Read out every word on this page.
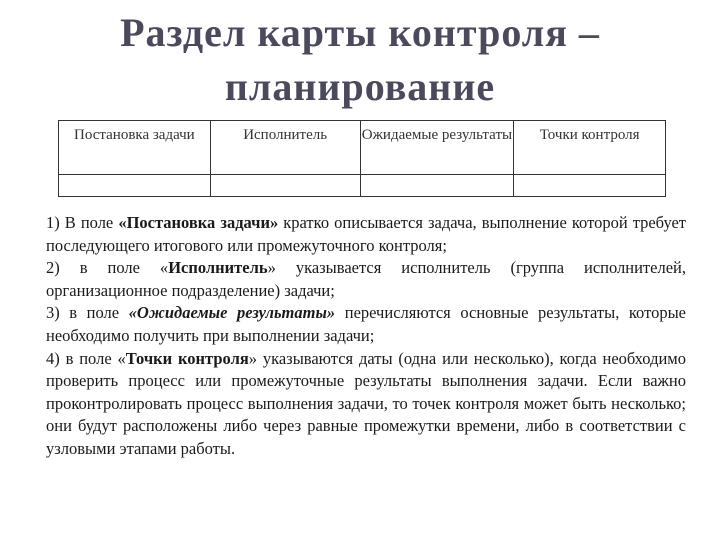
Раздел карты контроля – планирование
Постановка задачи	Исполнитель	Ожидаемые результаты	Точки контроля

1) В поле «Постановка задачи» кратко описывается задача, выполнение которой требует последующего итогового или промежуточного контроля;

2) в поле «Исполнитель» указывается исполнитель (группа исполнителей, организационное подразделение) задачи;

3) в поле «Ожидаемые результаты» перечисляются основные результаты, которые необходимо получить при выполнении задачи;

4) в поле «Точки контроля» указываются даты (одна или несколько), когда необходимо проверить процесс или промежуточные результаты выполнения задачи. Если важно проконтролировать процесс выполнения задачи, то точек контроля может быть несколько; они будут расположены либо через равные промежутки времени, либо в соответствии с узловыми этапами работы.
